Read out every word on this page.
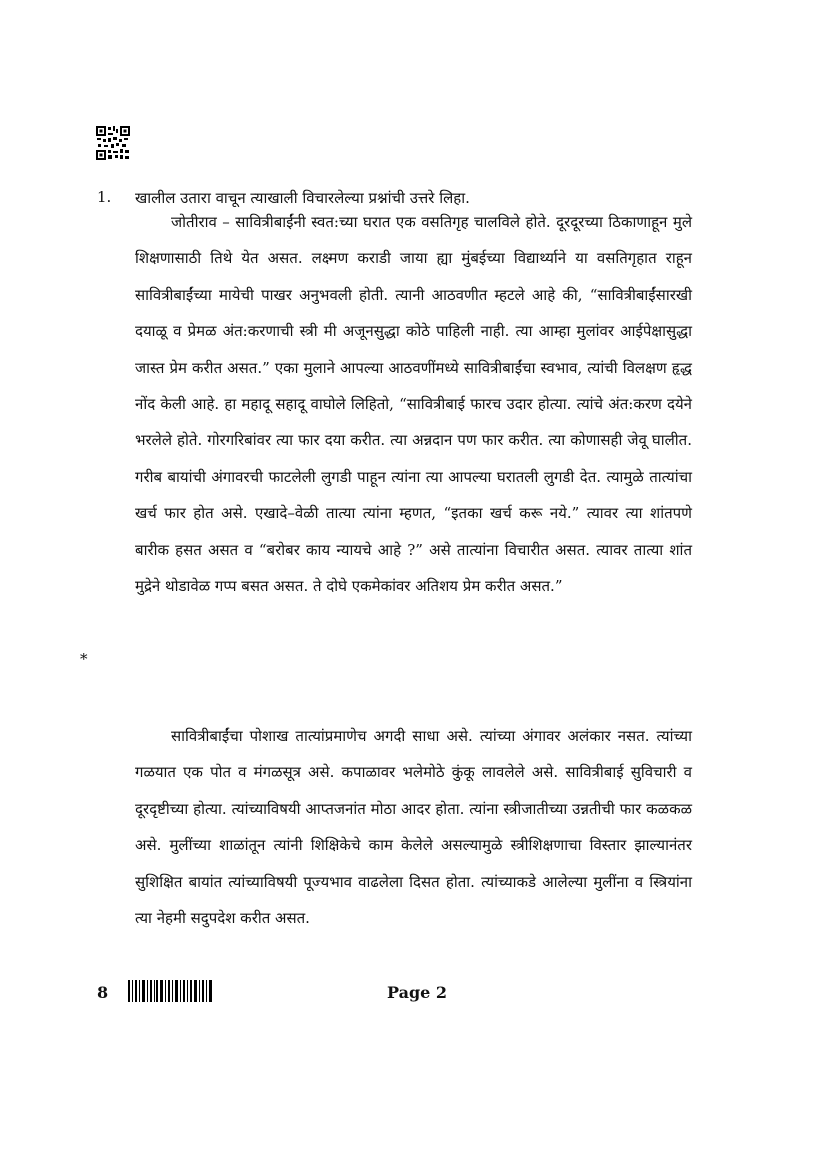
1. खालील उतारा वाचून त्याखाली विचारलेल्या प्रश्नांची उत्तरे लिहा.

जोतीराव – सावित्रीबाईंनी स्वत:च्या घरात एक वसतिगृह चालविले होते. दूरदूरच्या ठिकाणाहून मुले शिक्षणासाठी तिथे येत असत. लक्ष्मण कराडी जाया ह्या मुंबईच्या विद्यार्थ्याने या वसतिगृहात राहून सावित्रीबाईंच्या मायेची पाखर अनुभवली होती. त्यानी आठवणीत म्हटले आहे की, “सावित्रीबाईंसारखी दयाळू व प्रेमळ अंत:करणाची स्त्री मी अजूनसुद्धा कोठे पाहिली नाही. त्या आम्हा मुलांवर आईपेक्षासुद्धा जास्त प्रेम करीत असत.” एका मुलाने आपल्या आठवणींमध्ये सावित्रीबाईंचा स्वभाव, त्यांची विलक्षण हृद्ध नोंद केली आहे. हा महादू सहादू वाघोले लिहितो, “सावित्रीबाई फारच उदार होत्या. त्यांचे अंत:करण दयेने भरलेले होते. गोरगरिबांवर त्या फार दया करीत. त्या अन्नदान पण फार करीत. त्या कोणासही जेवू घालीत. गरीब बायांची अंगावरची फाटलेली लुगडी पाहून त्यांना त्या आपल्या घरातली लुगडी देत. त्यामुळे तात्यांचा खर्च फार होत असे. एखादे–वेळी तात्या त्यांना म्हणत, “इतका खर्च करू नये.” त्यावर त्या शांतपणे बारीक हसत असत व “बरोबर काय न्यायचे आहे ?” असे तात्यांना विचारीत असत. त्यावर तात्या शांत मुद्रेने थोडावेळ गप्प बसत असत. ते दोघे एकमेकांवर अतिशय प्रेम करीत असत.”

*

सावित्रीबाईंचा पोशाख तात्यांप्रमाणेच अगदी साधा असे. त्यांच्या अंगावर अलंकार नसत. त्यांच्या गळयात एक पोत व मंगळसूत्र असे. कपाळावर भलेमोठे कुंकू लावलेले असे. सावित्रीबाई सुविचारी व दूरदृष्टीच्या होत्या. त्यांच्याविषयी आप्तजनांत मोठा आदर होता. त्यांना स्त्रीजातीच्या उन्नतीची फार कळकळ असे. मुलींच्या शाळांतून त्यांनी शिक्षिकेचे काम केलेले असल्यामुळे स्त्रीशिक्षणाचा विस्तार झाल्यानंतर सुशिक्षित बायांत त्यांच्याविषयी पूज्यभाव वाढलेला दिसत होता. त्यांच्याकडे आलेल्या मुलींना व स्त्रियांना त्या नेहमी सदुपदेश करीत असत.

8	Page 2
